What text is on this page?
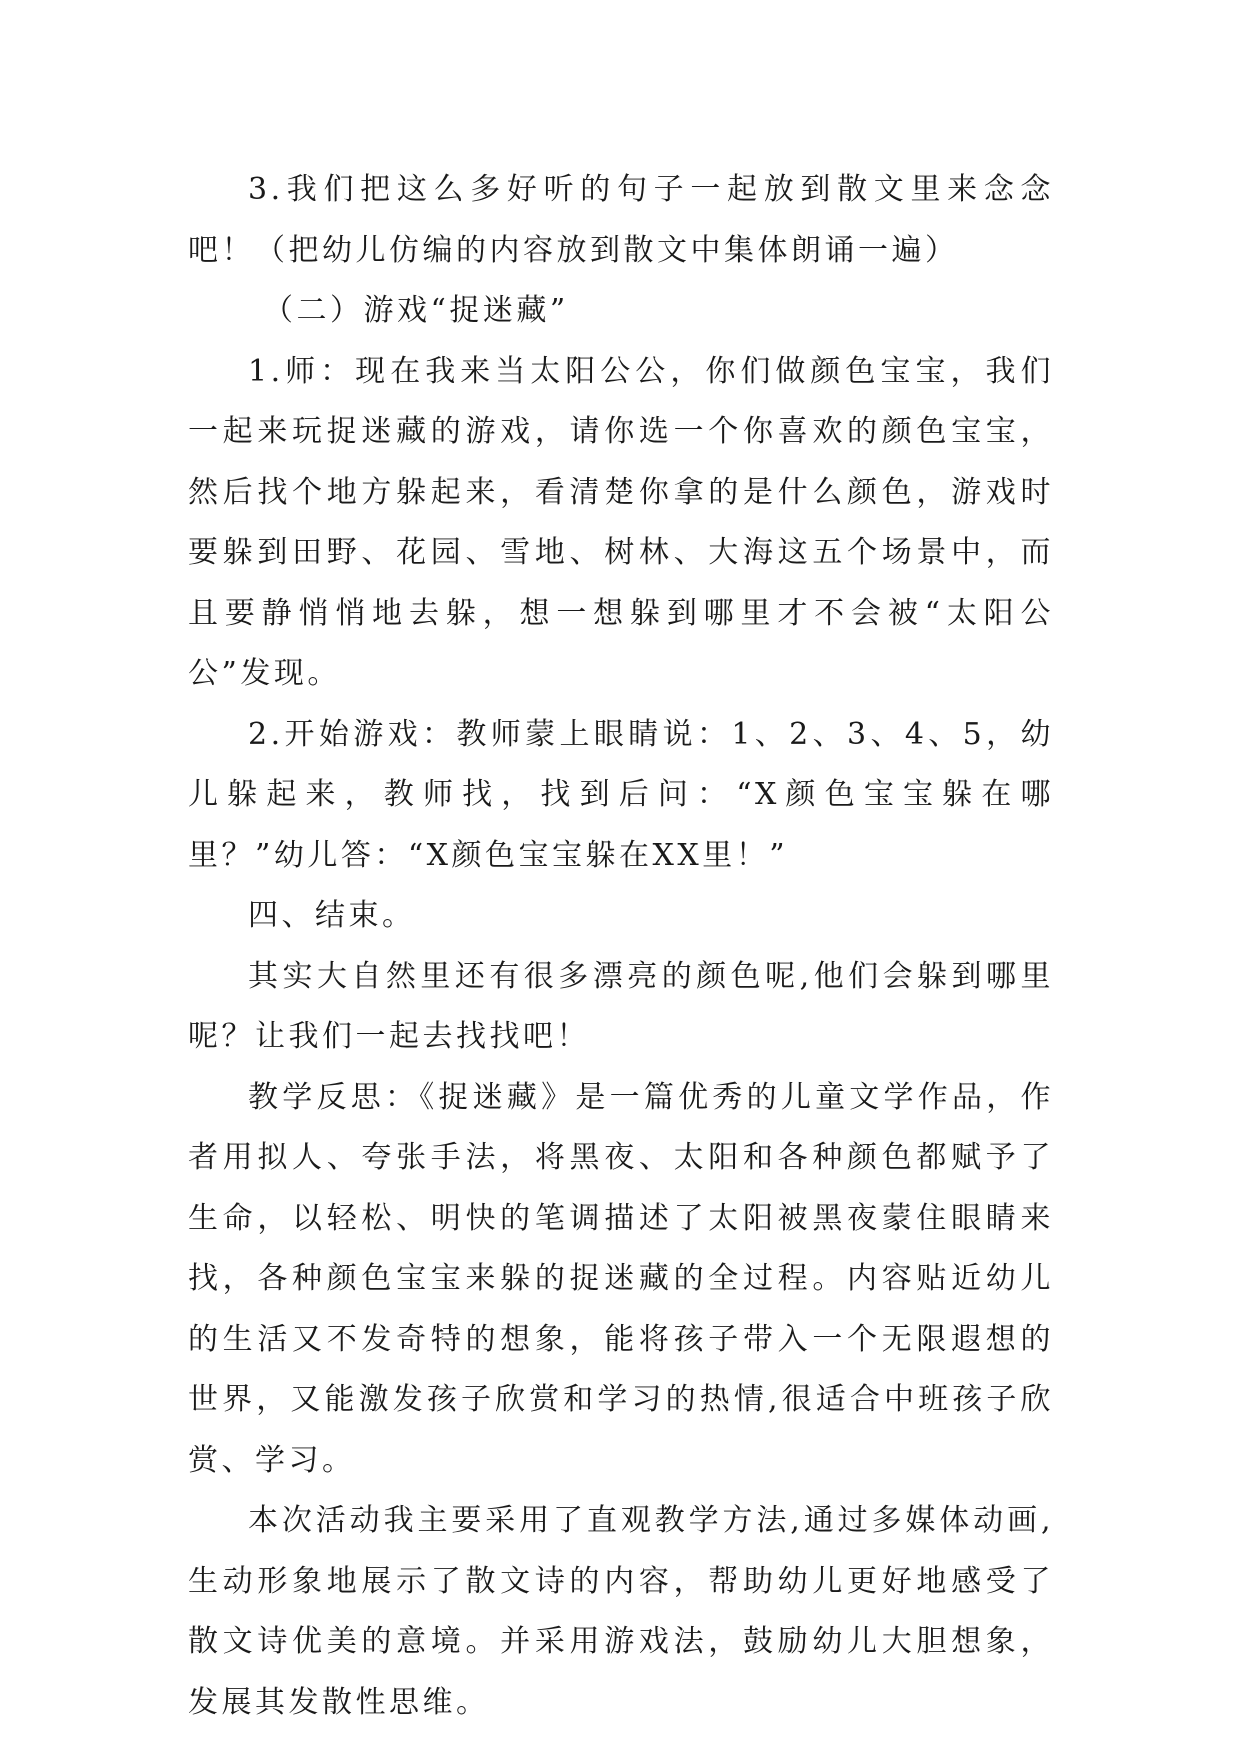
3.我们把这么多好听的句子一起放到散文里来念念吧！（把幼儿仿编的内容放到散文中集体朗诵一遍）

（二）游戏“捉迷藏”

1.师：现在我来当太阳公公，你们做颜色宝宝，我们一起来玩捉迷藏的游戏，请你选一个你喜欢的颜色宝宝，然后找个地方躲起来，看清楚你拿的是什么颜色，游戏时要躲到田野、花园、雪地、树林、大海这五个场景中，而且要静悄悄地去躲，想一想躲到哪里才不会被“太阳公公”发现。

2.开始游戏：教师蒙上眼睛说：1、2、3、4、5，幼儿躲起来，教师找，找到后问：“X颜色宝宝躲在哪里？”幼儿答：“X颜色宝宝躲在XX里！”

四、结束。

其实大自然里还有很多漂亮的颜色呢,他们会躲到哪里呢？让我们一起去找找吧！

教学反思：《捉迷藏》是一篇优秀的儿童文学作品，作者用拟人、夸张手法，将黑夜、太阳和各种颜色都赋予了生命，以轻松、明快的笔调描述了太阳被黑夜蒙住眼睛来找，各种颜色宝宝来躲的捉迷藏的全过程。内容贴近幼儿的生活又不发奇特的想象，能将孩子带入一个无限遐想的世界，又能激发孩子欣赏和学习的热情,很适合中班孩子欣赏、学习。

本次活动我主要采用了直观教学方法,通过多媒体动画,生动形象地展示了散文诗的内容，帮助幼儿更好地感受了散文诗优美的意境。并采用游戏法，鼓励幼儿大胆想象，发展其发散性思维。
